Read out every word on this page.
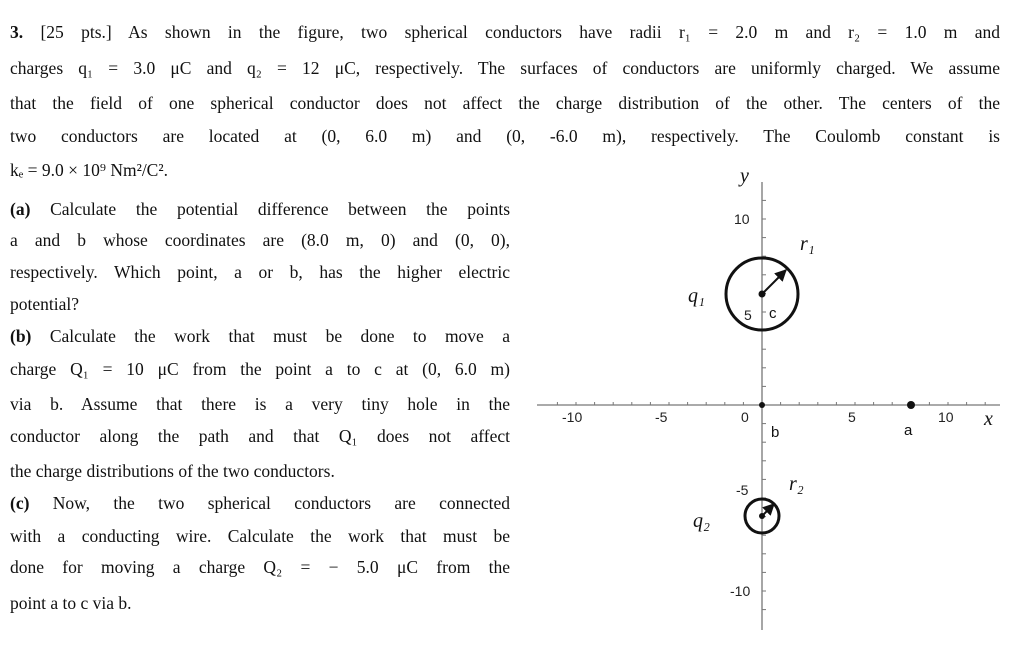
3. [25 pts.] As shown in the figure, two spherical conductors have radii r₁ = 2.0 m and r₂ = 1.0 m and
charges q₁ = 3.0 μC and q₂ = 12 μC, respectively. The surfaces of conductors are uniformly charged. We assume
that the field of one spherical conductor does not affect the charge distribution of the other. The centers of the
two conductors are located at (0, 6.0 m) and (0, -6.0 m), respectively. The Coulomb constant is
kₑ = 9.0 × 10⁹ Nm²/C².
(a) Calculate the potential difference between the points
a and b whose coordinates are (8.0 m, 0) and (0, 0),
respectively. Which point, a or b, has the higher electric
potential?
(b) Calculate the work that must be done to move a
charge Q₁ = 10 μC from the point a to c at (0, 6.0 m)
via b. Assume that there is a very tiny hole in the
conductor along the path and that Q₁ does not affect
the charge distributions of the two conductors.
(c) Now, the two spherical conductors are connected
with a conducting wire. Calculate the work that must be
done for moving a charge Q₂ = − 5.0 μC from the
point a to c via b.
x
y
-10	-5	0	5	10
10
5
-5
-10
a
b
c
q₁
q₂
r₁
r₂
